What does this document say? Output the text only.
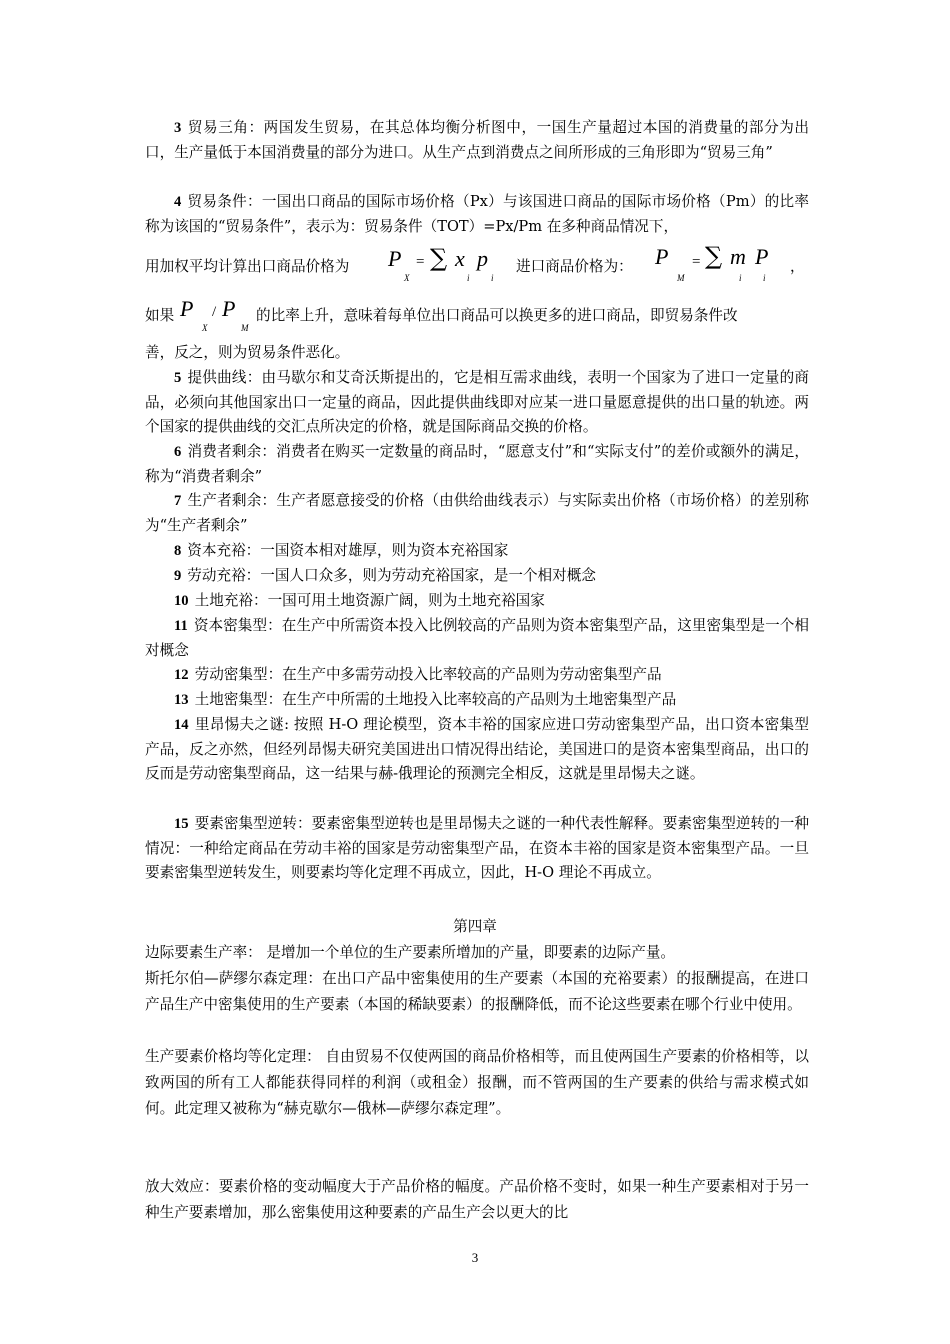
3 贸易三角：两国发生贸易，在其总体均衡分析图中，一国生产量超过本国的消费量的部分为出口，生产量低于本国消费量的部分为进口。从生产点到消费点之间所形成的三角形即为“贸易三角”

4 贸易条件：一国出口商品的国际市场价格（Px）与该国进口商品的国际市场价格（Pm）的比率称为该国的“贸易条件”，表示为：贸易条件（TOT）=Px/Pm 在多种商品情况下，

用加权平均计算出口商品价格为 P
X
= ∑ x
i
p
i
进口商品价格为： P
M
= ∑ m
i
P
i
，
如果 P
X
/ P
M
的比率上升，意味着每单位出口商品可以换更多的进口商品，即贸易条件改

善，反之，则为贸易条件恶化。

5 提供曲线：由马歇尔和艾奇沃斯提出的，它是相互需求曲线，表明一个国家为了进口一定量的商品，必须向其他国家出口一定量的商品，因此提供曲线即对应某一进口量愿意提供的出口量的轨迹。两个国家的提供曲线的交汇点所决定的价格，就是国际商品交换的价格。

6 消费者剩余：消费者在购买一定数量的商品时，“愿意支付”和“实际支付”的差价或额外的满足，称为“消费者剩余”

7 生产者剩余：生产者愿意接受的价格（由供给曲线表示）与实际卖出价格（市场价格）的差别称为“生产者剩余”

8 资本充裕：一国资本相对雄厚，则为资本充裕国家

9 劳动充裕：一国人口众多，则为劳动充裕国家，是一个相对概念

10 土地充裕：一国可用土地资源广阔，则为土地充裕国家

11 资本密集型：在生产中所需资本投入比例较高的产品则为资本密集型产品，这里密集型是一个相对概念

12 劳动密集型：在生产中多需劳动投入比率较高的产品则为劳动密集型产品

13 土地密集型：在生产中所需的土地投入比率较高的产品则为土地密集型产品

14 里昂惕夫之谜: 按照 H-O 理论模型，资本丰裕的国家应进口劳动密集型产品，出口资本密集型产品，反之亦然，但经列昂惕夫研究美国进出口情况得出结论，美国进口的是资本密集型商品，出口的反而是劳动密集型商品，这一结果与赫-俄理论的预测完全相反，这就是里昂惕夫之谜。

15 要素密集型逆转：要素密集型逆转也是里昂惕夫之谜的一种代表性解释。要素密集型逆转的一种情况：一种给定商品在劳动丰裕的国家是劳动密集型产品，在资本丰裕的国家是资本密集型产品。一旦要素密集型逆转发生，则要素均等化定理不再成立，因此，H-O 理论不再成立。

第四章

边际要素生产率： 是增加一个单位的生产要素所增加的产量，即要素的边际产量。

斯托尔伯—萨缪尔森定理：在出口产品中密集使用的生产要素（本国的充裕要素）的报酬提高，在进口产品生产中密集使用的生产要素（本国的稀缺要素）的报酬降低，而不论这些要素在哪个行业中使用。

生产要素价格均等化定理： 自由贸易不仅使两国的商品价格相等，而且使两国生产要素的价格相等，以致两国的所有工人都能获得同样的利润（或租金）报酬，而不管两国的生产要素的供给与需求模式如何。此定理又被称为“赫克歇尔—俄林—萨缪尔森定理”。

放大效应：要素价格的变动幅度大于产品价格的幅度。产品价格不变时，如果一种生产要素相对于另一种生产要素增加，那么密集使用这种要素的产品生产会以更大的比

3
